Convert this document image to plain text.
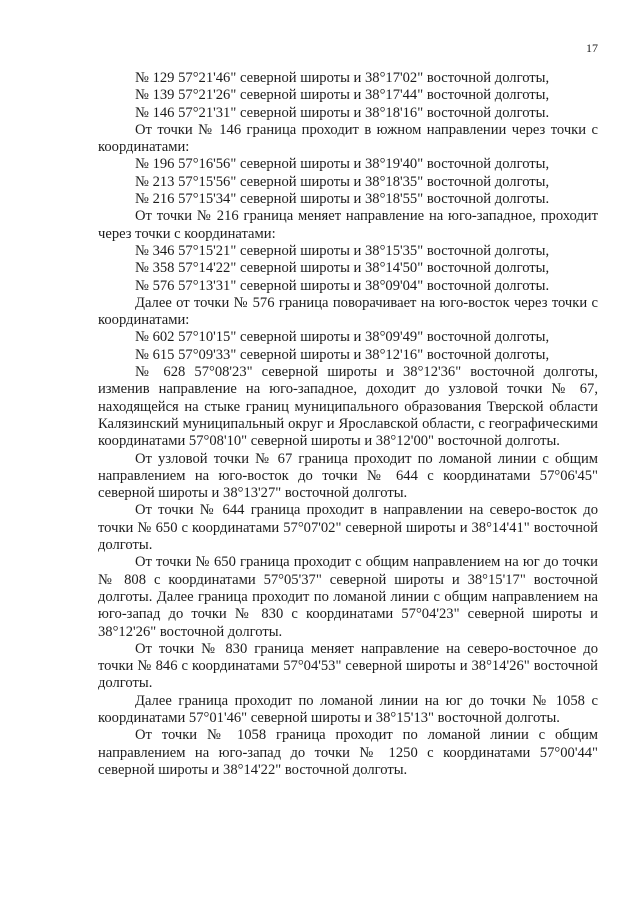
17

№ 129 57°21'46" северной широты и 38°17'02" восточной долготы,

№ 139 57°21'26" северной широты и 38°17'44" восточной долготы,

№ 146 57°21'31" северной широты и 38°18'16" восточной долготы.

От точки № 146 граница проходит в южном направлении через точки с координатами:

№ 196 57°16'56" северной широты и 38°19'40" восточной долготы,

№ 213 57°15'56" северной широты и 38°18'35" восточной долготы,

№ 216 57°15'34" северной широты и 38°18'55" восточной долготы.

От точки № 216 граница меняет направление на юго-западное, проходит через точки с координатами:

№ 346 57°15'21" северной широты и 38°15'35" восточной долготы,

№ 358 57°14'22" северной широты и 38°14'50" восточной долготы,

№ 576 57°13'31" северной широты и 38°09'04" восточной долготы.

Далее от точки № 576 граница поворачивает на юго-восток через точки с координатами:

№ 602 57°10'15" северной широты и 38°09'49" восточной долготы,

№ 615 57°09'33" северной широты и 38°12'16" восточной долготы,

№ 628 57°08'23" северной широты и 38°12'36" восточной долготы, изменив направление на юго-западное, доходит до узловой точки № 67, находящейся на стыке границ муниципального образования Тверской области Калязинский муниципальный округ и Ярославской области, с географическими координатами 57°08'10" северной широты и 38°12'00" восточной долготы.

От узловой точки № 67 граница проходит по ломаной линии с общим направлением на юго-восток до точки № 644 с координатами 57°06'45" северной широты и 38°13'27" восточной долготы.

От точки № 644 граница проходит в направлении на северо-восток до точки № 650 с координатами 57°07'02" северной широты и 38°14'41" восточной долготы.

От точки № 650 граница проходит с общим направлением на юг до точки № 808 с координатами 57°05'37" северной широты и 38°15'17" восточной долготы. Далее граница проходит по ломаной линии с общим направлением на юго-запад до точки № 830 с координатами 57°04'23" северной широты и 38°12'26" восточной долготы.

От точки № 830 граница меняет направление на северо-восточное до точки № 846 с координатами 57°04'53" северной широты и 38°14'26" восточной долготы.

Далее граница проходит по ломаной линии на юг до точки № 1058 с координатами 57°01'46" северной широты и 38°15'13" восточной долготы.

От точки № 1058 граница проходит по ломаной линии с общим направлением на юго-запад до точки № 1250 с координатами 57°00'44" северной широты и 38°14'22" восточной долготы.
